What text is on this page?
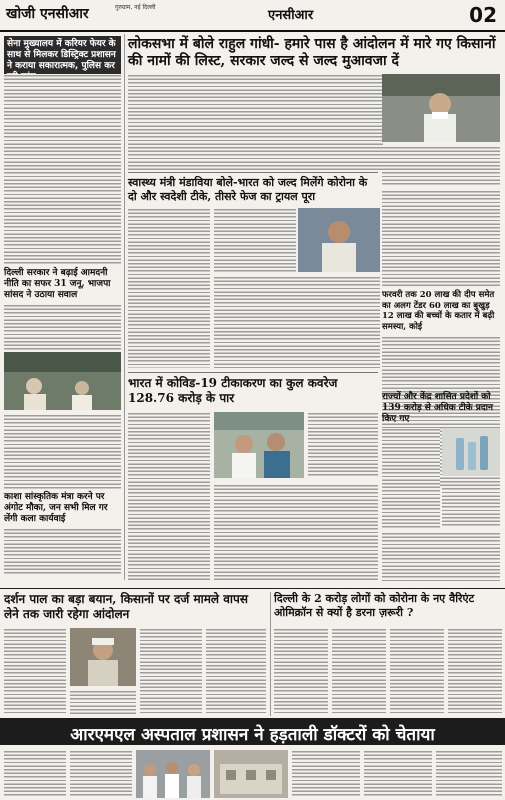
खोजी एनसीआर	गुरुग्राम, नई दिल्ली
एनसीआर	02
सेना मुख्यालय में करियर फेयर के साथ से मिलकर डिस्ट्रिक्ट प्रशासन ने कराया सकारात्मक, पुलिस कर
दिल्ली सरकार ने बढ़ाई आमदनी नीति का सफर 31 जनू, भाजपा सांसद ने उठाया सवाल
काशा सांस्कृतिक मंत्रा करने पर अंगोट मौका, जन सभी मिल गर लेंगी कला कार्यवाई
लोकसभा में बोले राहुल गांधी- हमारे पास है आंदोलन में मारे गए किसानों की नामों की लिस्ट, सरकार जल्द से जल्द मुआवजा दें
स्वास्थ्य मंत्री मंडाविया बोले-भारत को जल्द मिलेंगे कोरोना के दो और स्वदेशी टीके, तीसरे फेज का ट्रायल पूरा
फरवरी तक 20 लाख की दीप समेत का अलग टेंडर 60 लाख का बुखुड़ 12 लाख की बच्चों के कतार में बढ़ी समस्या, कोई
भारत में कोविड-19 टीकाकरण का कुल कवरेज 128.76 करोड़ के पार	राज्यों और केंद्र शासित प्रदेशों को 139 करोड़ से अधिक टीके प्रदान किए गए
दर्शन पाल का बड़ा बयान, किसानों पर दर्ज मामले वापस लेने तक जारी रहेगा आंदोलन
दिल्ली के 2 करोड़ लोगों को कोरोना के नए वैरिएंट ओमिक्रॉन से क्यों है डरना ज़रूरी ?
आरएमएल अस्पताल प्रशासन ने हड़ताली डॉक्टरों को चेताया
